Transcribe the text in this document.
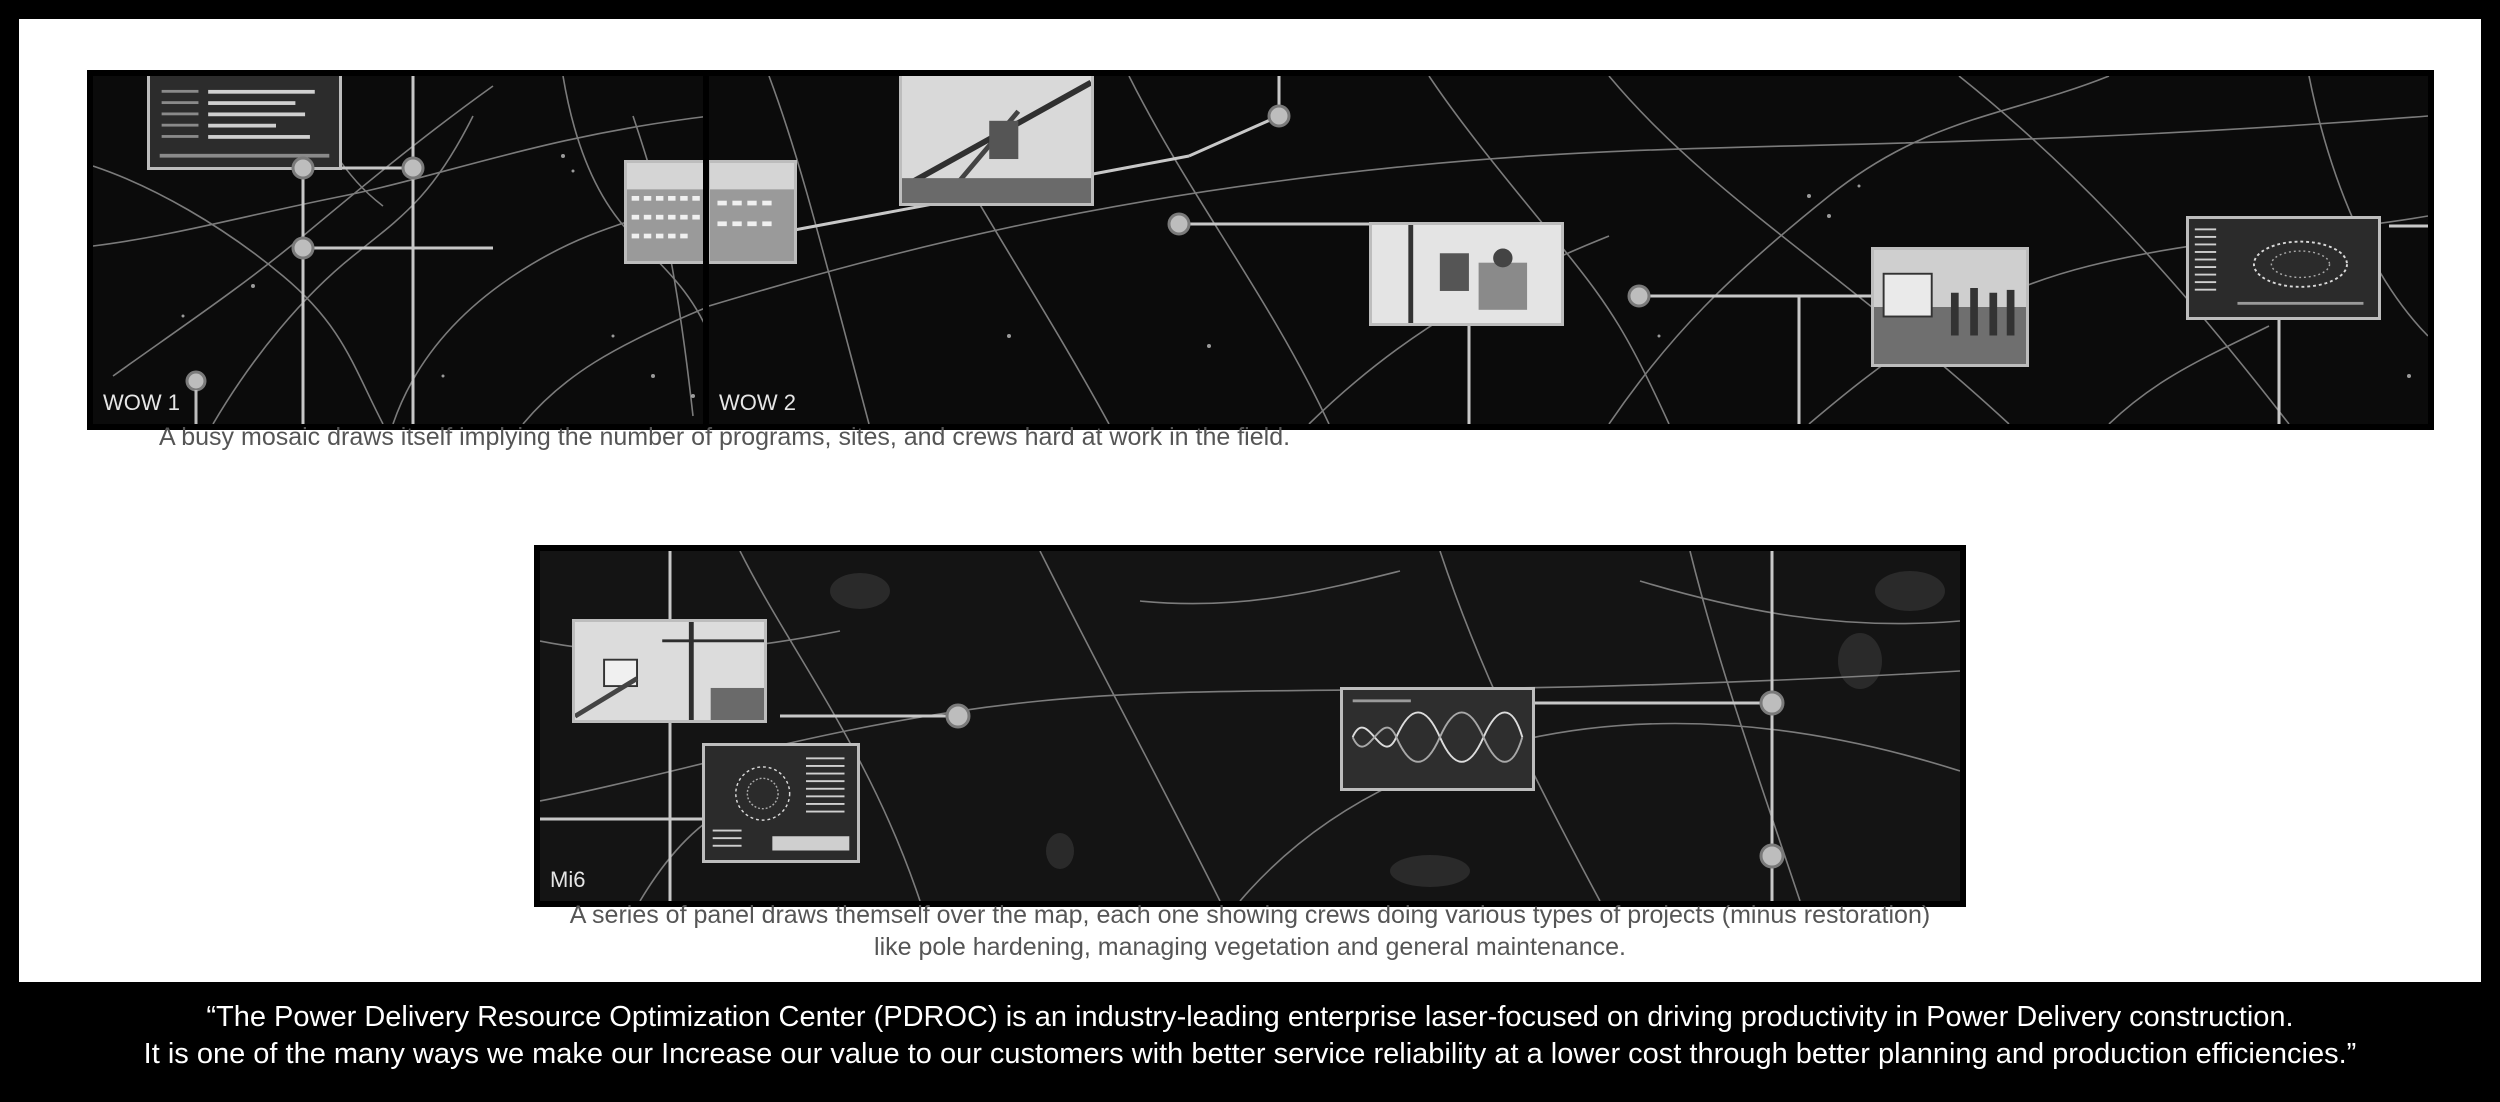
WOW 1	WOW 2
A busy mosaic draws itself implying the number of programs, sites, and crews hard at work in the field.
Mi6
A series of panel draws themself over the map, each one showing crews doing various types of projects (minus restoration)
like pole hardening, managing vegetation and general maintenance.
“The Power Delivery Resource Optimization Center (PDROC) is an industry-leading enterprise laser-focused on driving productivity in Power Delivery construction.
It is one of the many ways we make our Increase our value to our customers with better service reliability at a lower cost through better planning and production efficiencies.”
